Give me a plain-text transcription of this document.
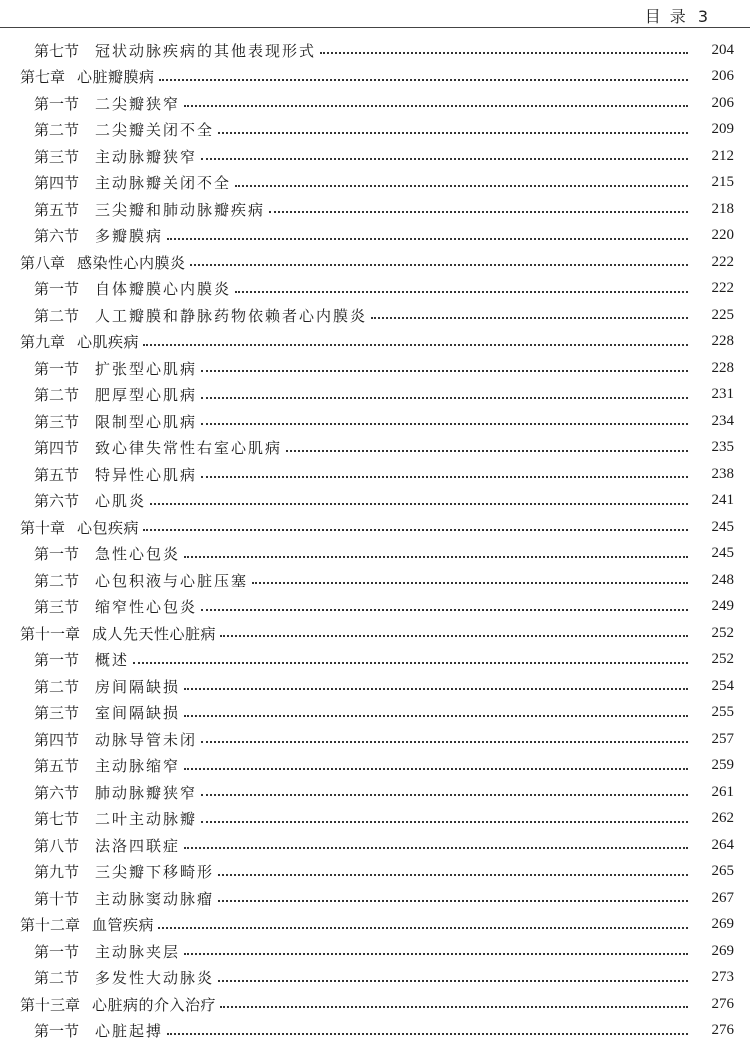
目 录 3
第七节 冠状动脉疾病的其他表现形式	204
第七章 心脏瓣膜病	206
第一节 二尖瓣狭窄	206
第二节 二尖瓣关闭不全	209
第三节 主动脉瓣狭窄	212
第四节 主动脉瓣关闭不全	215
第五节 三尖瓣和肺动脉瓣疾病	218
第六节 多瓣膜病	220
第八章 感染性心内膜炎	222
第一节 自体瓣膜心内膜炎	222
第二节 人工瓣膜和静脉药物依赖者心内膜炎	225
第九章 心肌疾病	228
第一节 扩张型心肌病	228
第二节 肥厚型心肌病	231
第三节 限制型心肌病	234
第四节 致心律失常性右室心肌病	235
第五节 特异性心肌病	238
第六节 心肌炎	241
第十章 心包疾病	245
第一节 急性心包炎	245
第二节 心包积液与心脏压塞	248
第三节 缩窄性心包炎	249
第十一章 成人先天性心脏病	252
第一节 概述	252
第二节 房间隔缺损	254
第三节 室间隔缺损	255
第四节 动脉导管未闭	257
第五节 主动脉缩窄	259
第六节 肺动脉瓣狭窄	261
第七节 二叶主动脉瓣	262
第八节 法洛四联症	264
第九节 三尖瓣下移畸形	265
第十节 主动脉窦动脉瘤	267
第十二章 血管疾病	269
第一节 主动脉夹层	269
第二节 多发性大动脉炎	273
第十三章 心脏病的介入治疗	276
第一节 心脏起搏	276
